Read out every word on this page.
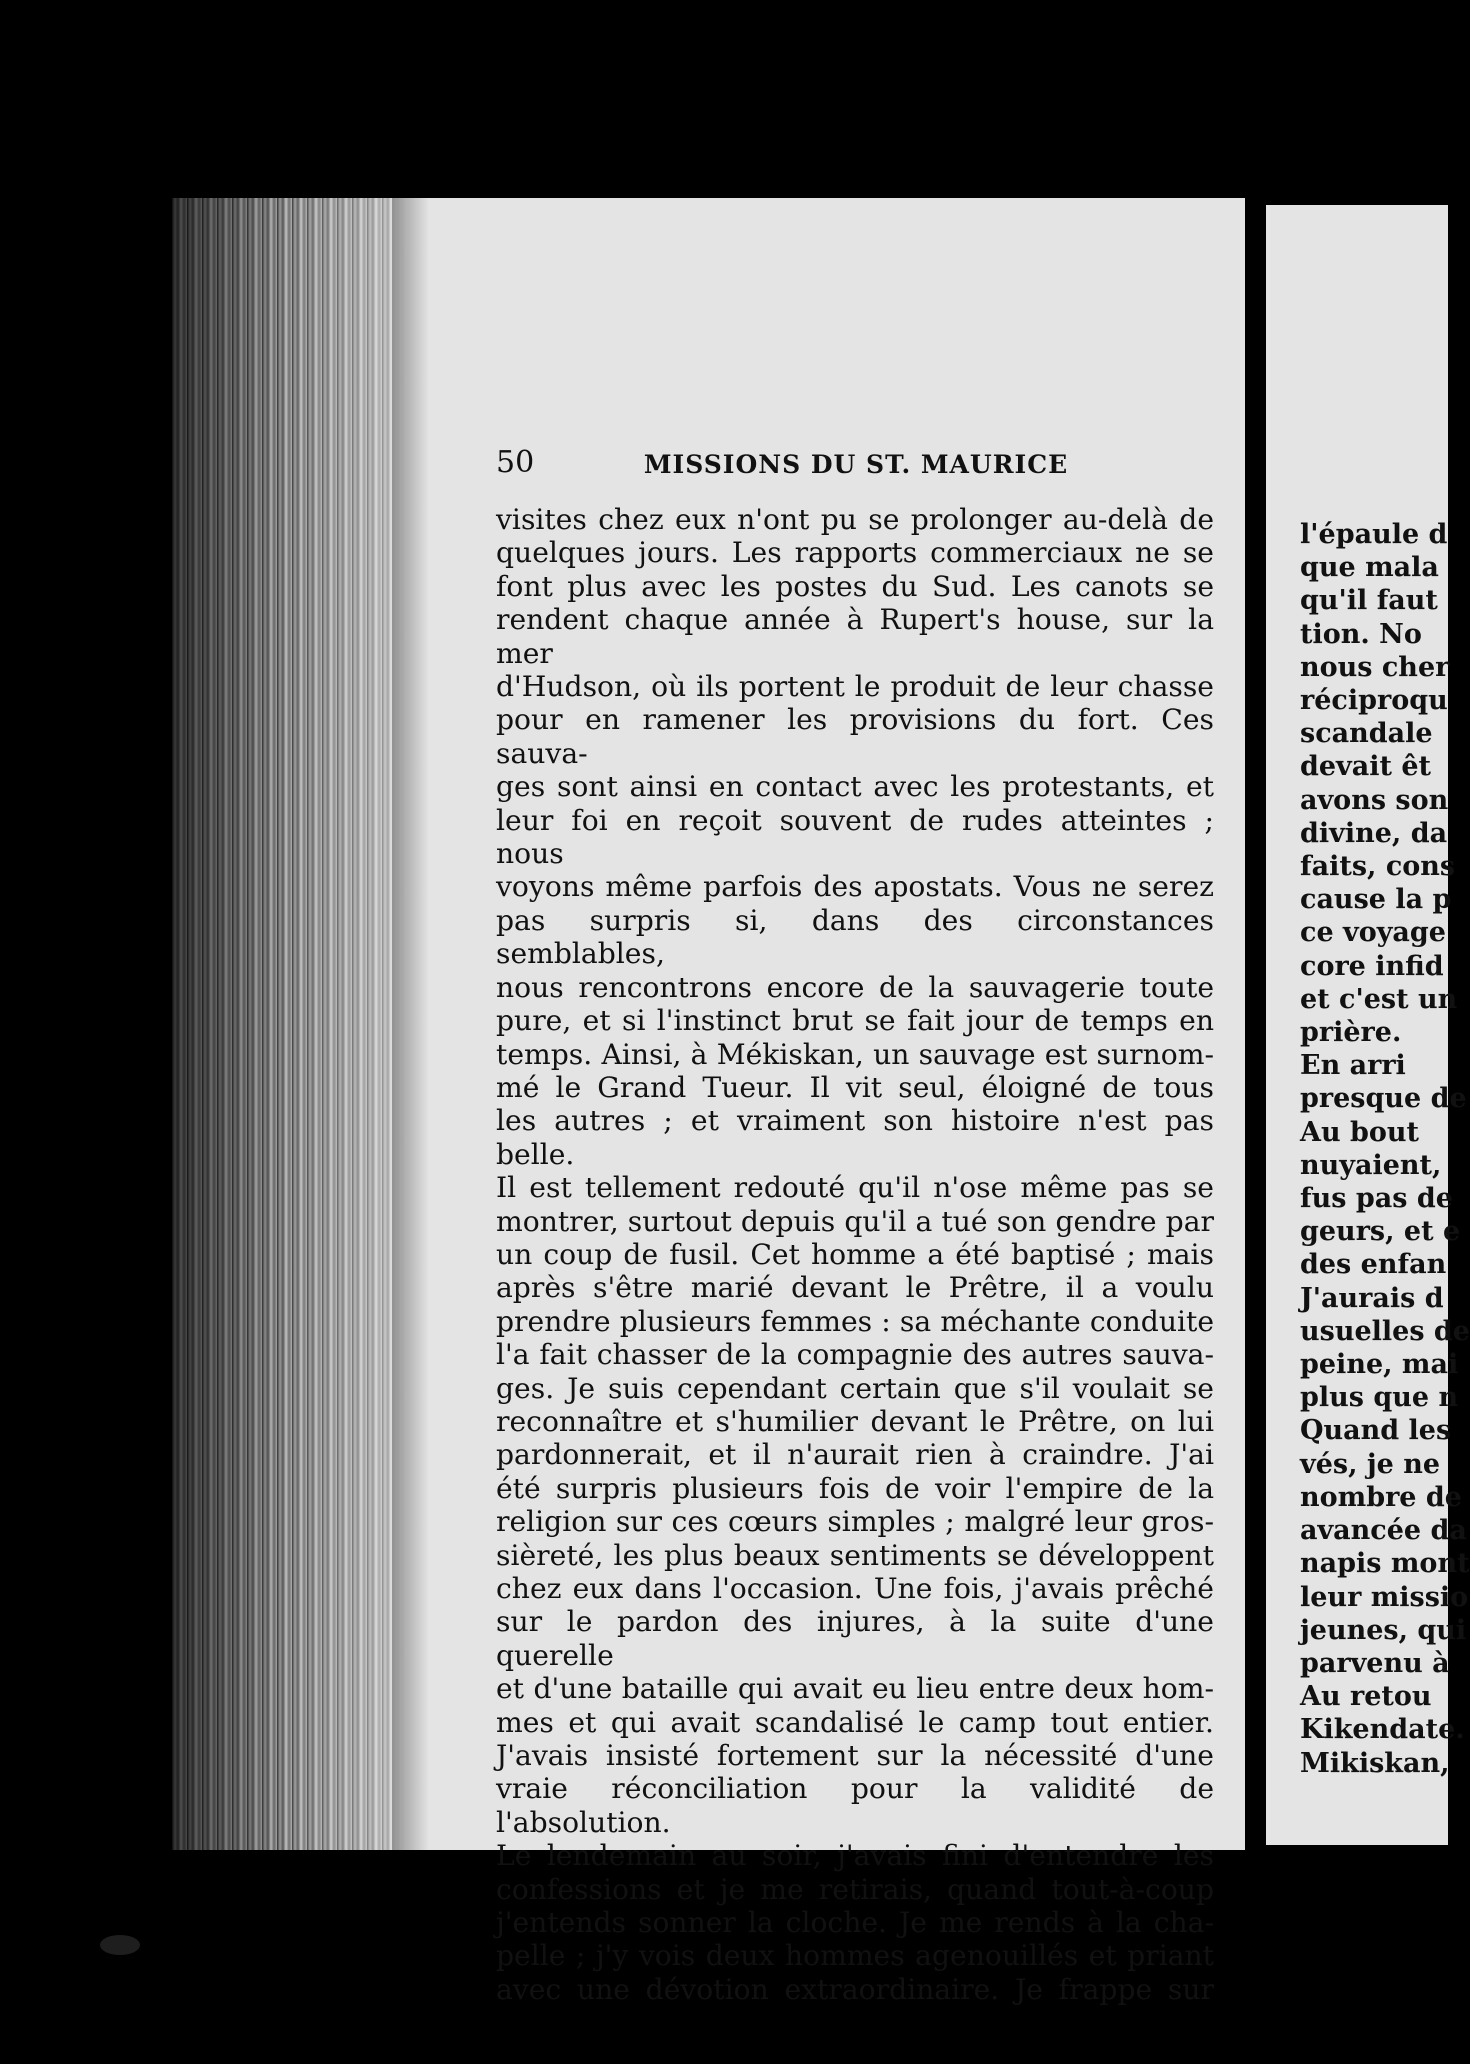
50	MISSIONS DU ST. MAURICE
visites chez eux n'ont pu se prolonger au-delà de
quelques jours. Les rapports commerciaux ne se
font plus avec les postes du Sud. Les canots se
rendent chaque année à Rupert's house, sur la mer
d'Hudson, où ils portent le produit de leur chasse
pour en ramener les provisions du fort. Ces sauva-
ges sont ainsi en contact avec les protestants, et
leur foi en reçoit souvent de rudes atteintes ; nous
voyons même parfois des apostats. Vous ne serez
pas surpris si, dans des circonstances semblables,
nous rencontrons encore de la sauvagerie toute
pure, et si l'instinct brut se fait jour de temps en
temps. Ainsi, à Mékiskan, un sauvage est surnom-
mé le Grand Tueur. Il vit seul, éloigné de tous
les autres ; et vraiment son histoire n'est pas belle.
Il est tellement redouté qu'il n'ose même pas se
montrer, surtout depuis qu'il a tué son gendre par
un coup de fusil. Cet homme a été baptisé ; mais
après s'être marié devant le Prêtre, il a voulu
prendre plusieurs femmes : sa méchante conduite
l'a fait chasser de la compagnie des autres sauva-
ges. Je suis cependant certain que s'il voulait se
reconnaître et s'humilier devant le Prêtre, on lui
pardonnerait, et il n'aurait rien à craindre. J'ai
été surpris plusieurs fois de voir l'empire de la
religion sur ces cœurs simples ; malgré leur gros-
sièreté, les plus beaux sentiments se développent
chez eux dans l'occasion. Une fois, j'avais prêché
sur le pardon des injures, à la suite d'une querelle
et d'une bataille qui avait eu lieu entre deux hom-
mes et qui avait scandalisé le camp tout entier.
J'avais insisté fortement sur la nécessité d'une
vraie réconciliation pour la validité de l'absolution.
Le lendemain au soir, j'avais fini d'entendre les
confessions et je me retirais, quand tout-à-coup
j'entends sonner la cloche. Je me rends à la cha-
pelle ; j'y vois deux hommes agenouillés et priant
avec une dévotion extraordinaire. Je frappe sur
l'épaule d
que mala
qu'il faut
tion. No
nous cher
réciproqu
scandale
devait êt
avons son
divine, da
faits, cons
cause la p
ce voyage
core infid
et c'est un
prière.
En arri
presque de
Au bout
nuyaient,
fus pas de
geurs, et e
des enfan
J'aurais d
usuelles de
peine, mai
plus que n
Quand les
vés, je ne
nombre de
avancée da
napis mont
leur missio
jeunes, qui
parvenu à
Au retou
Kikendate.
Mikiskan,
